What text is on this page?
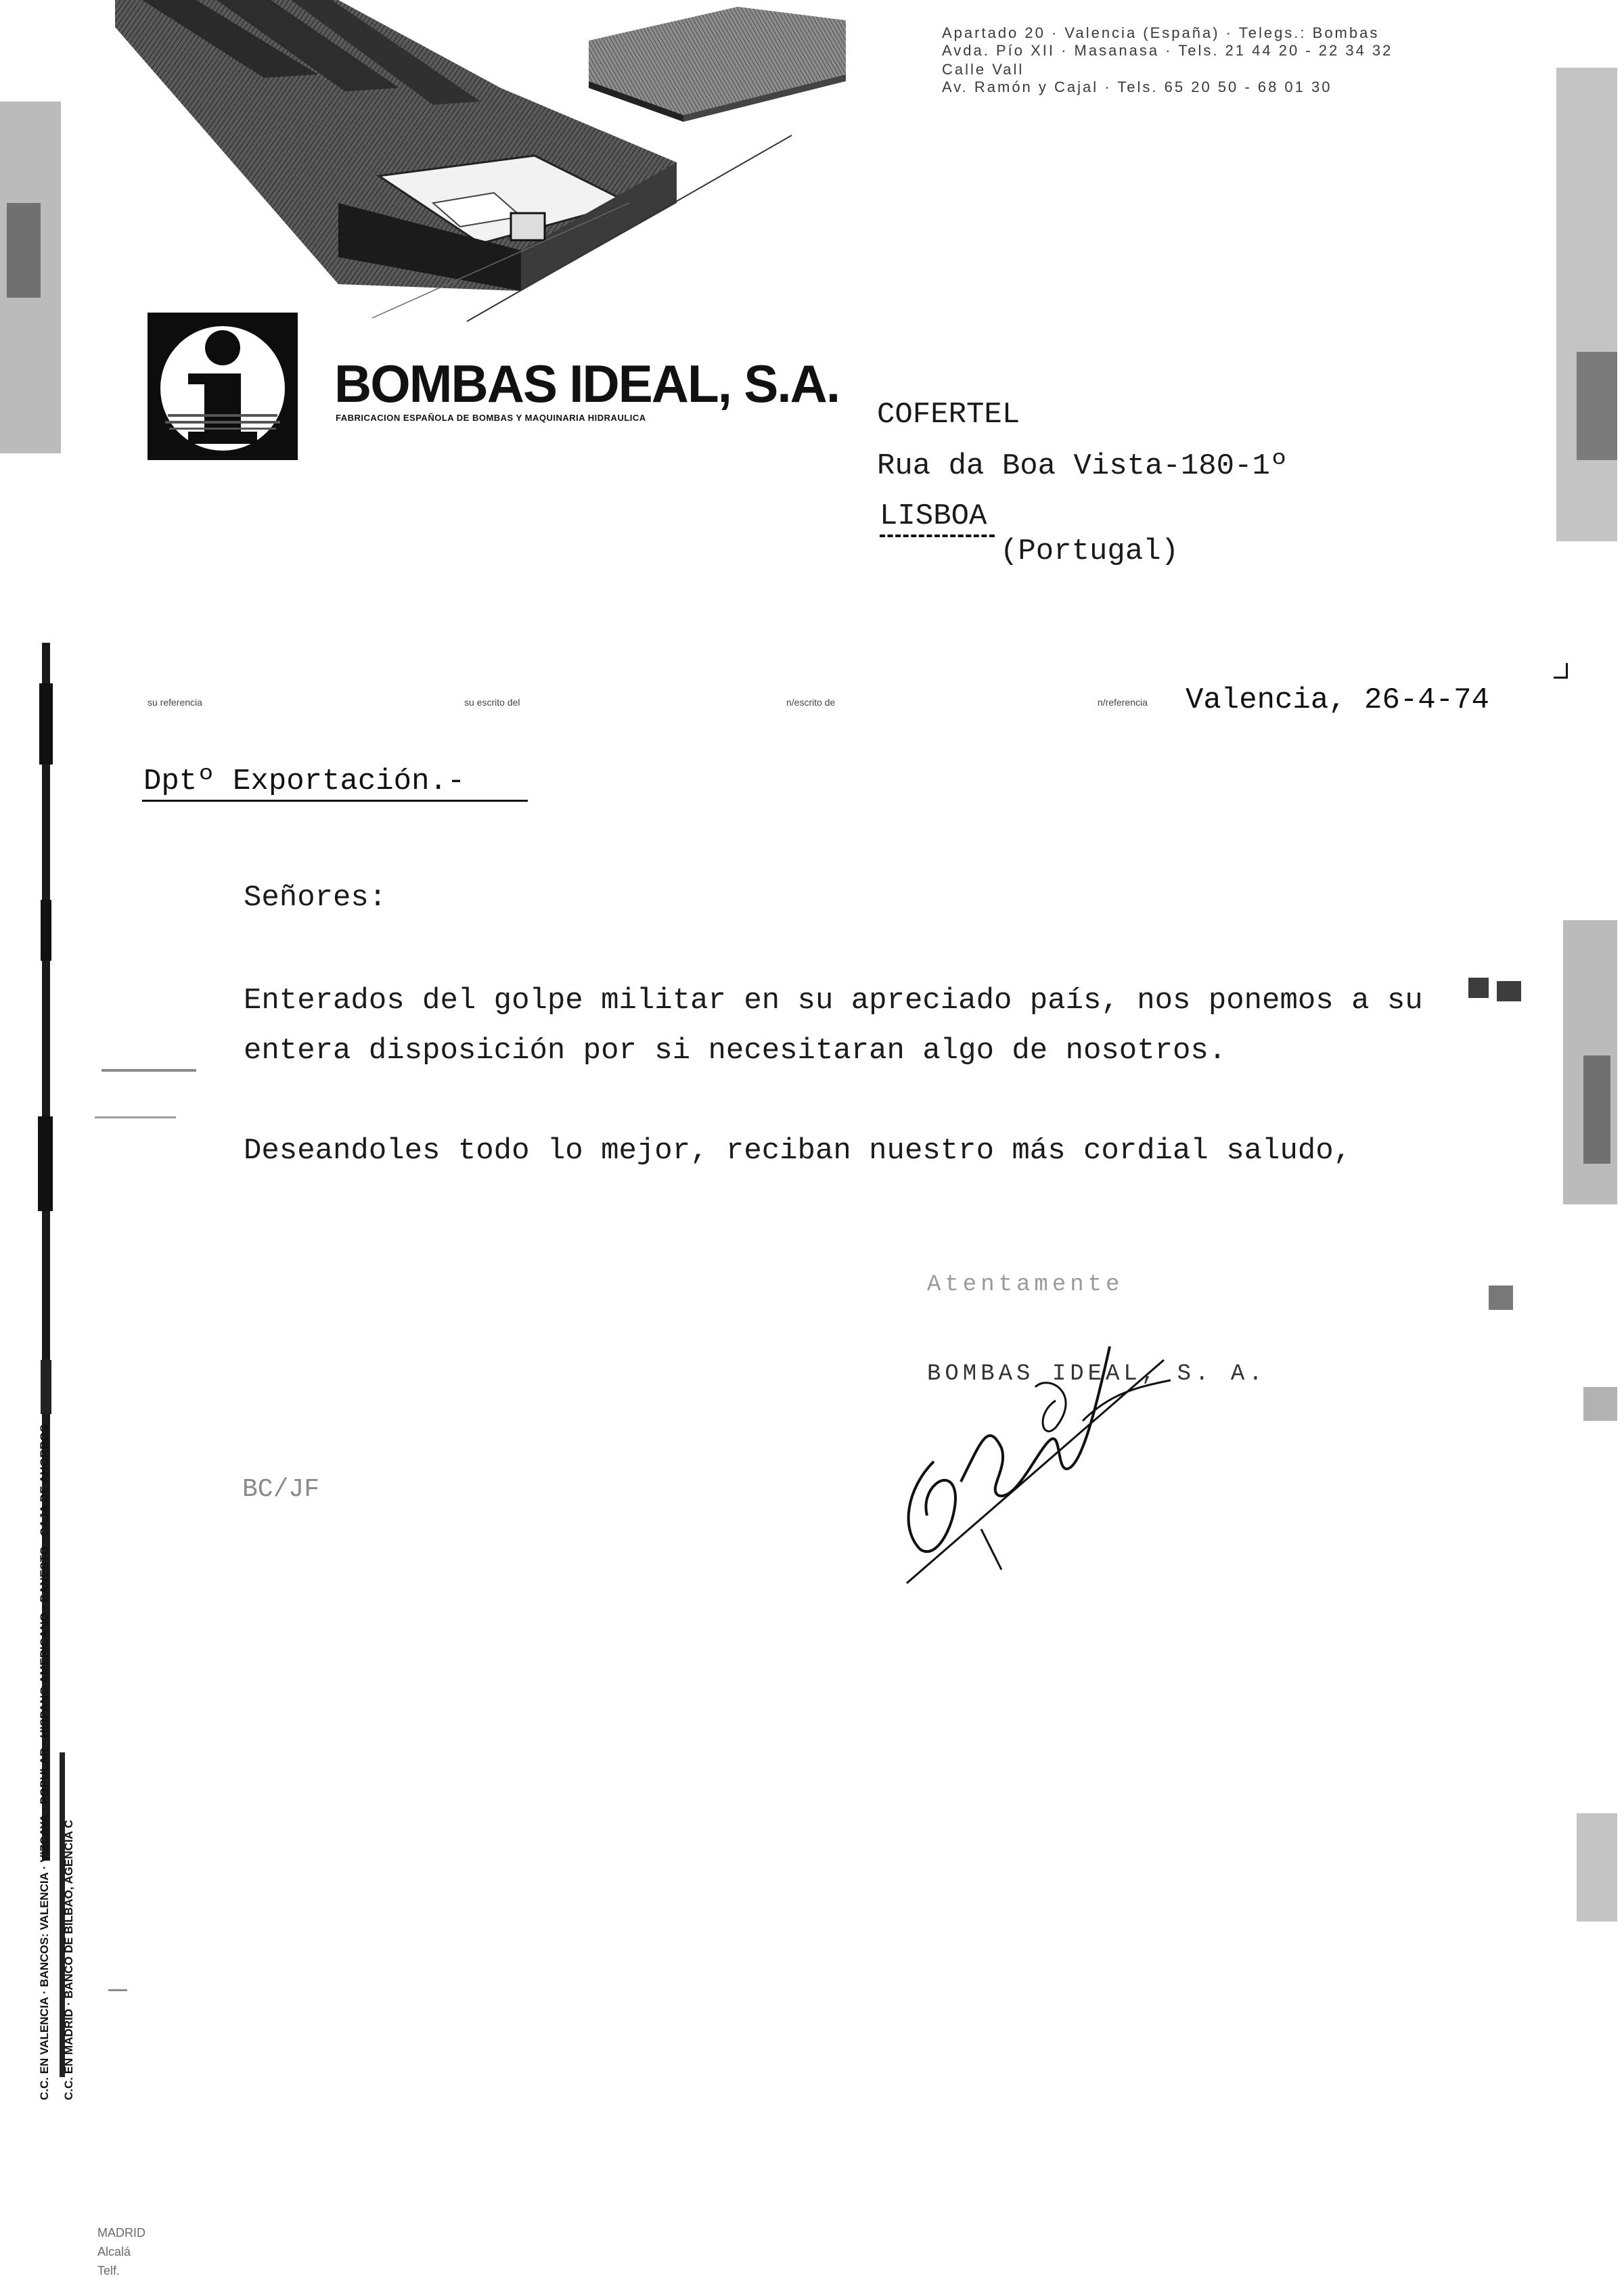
Apartado 20 · Valencia (España) · Telegs.: Bombas
Avda. Pío XII · Masanasa · Tels. 21 44 20 - 22 34 32
Calle Vall
Av. Ramón y Cajal · Tels. 65 20 50 - 68 01 30
BOMBAS IDEAL, S.A.
FABRICACION ESPAÑOLA DE BOMBAS Y MAQUINARIA HIDRAULICA	COFERTEL
Rua da Boa Vista-180-1º
LISBOA
(Portugal)
su referencia	su escrito del	n/escrito de	n/referencia Valencia, 26-4-74
Dptº Exportación.-
Señores:
Enterados del golpe militar en su apreciado país, nos ponemos a su
entera disposición por si necesitaran algo de nosotros.
Deseandoles todo lo mejor, reciban nuestro más cordial saludo,
Atentamente
BOMBAS IDEAL, S. A.
BC/JF
C.C. EN VALENCIA · BANCOS: VALENCIA · VIZCAYA · POPULAR · HISPANO AMERICANO · BANESTO · CAJA DE AHORROS C.C. EN MADRID · BANCO DE BILBAO, AGENCIA C
MADRID
Alcalá
Telf.
